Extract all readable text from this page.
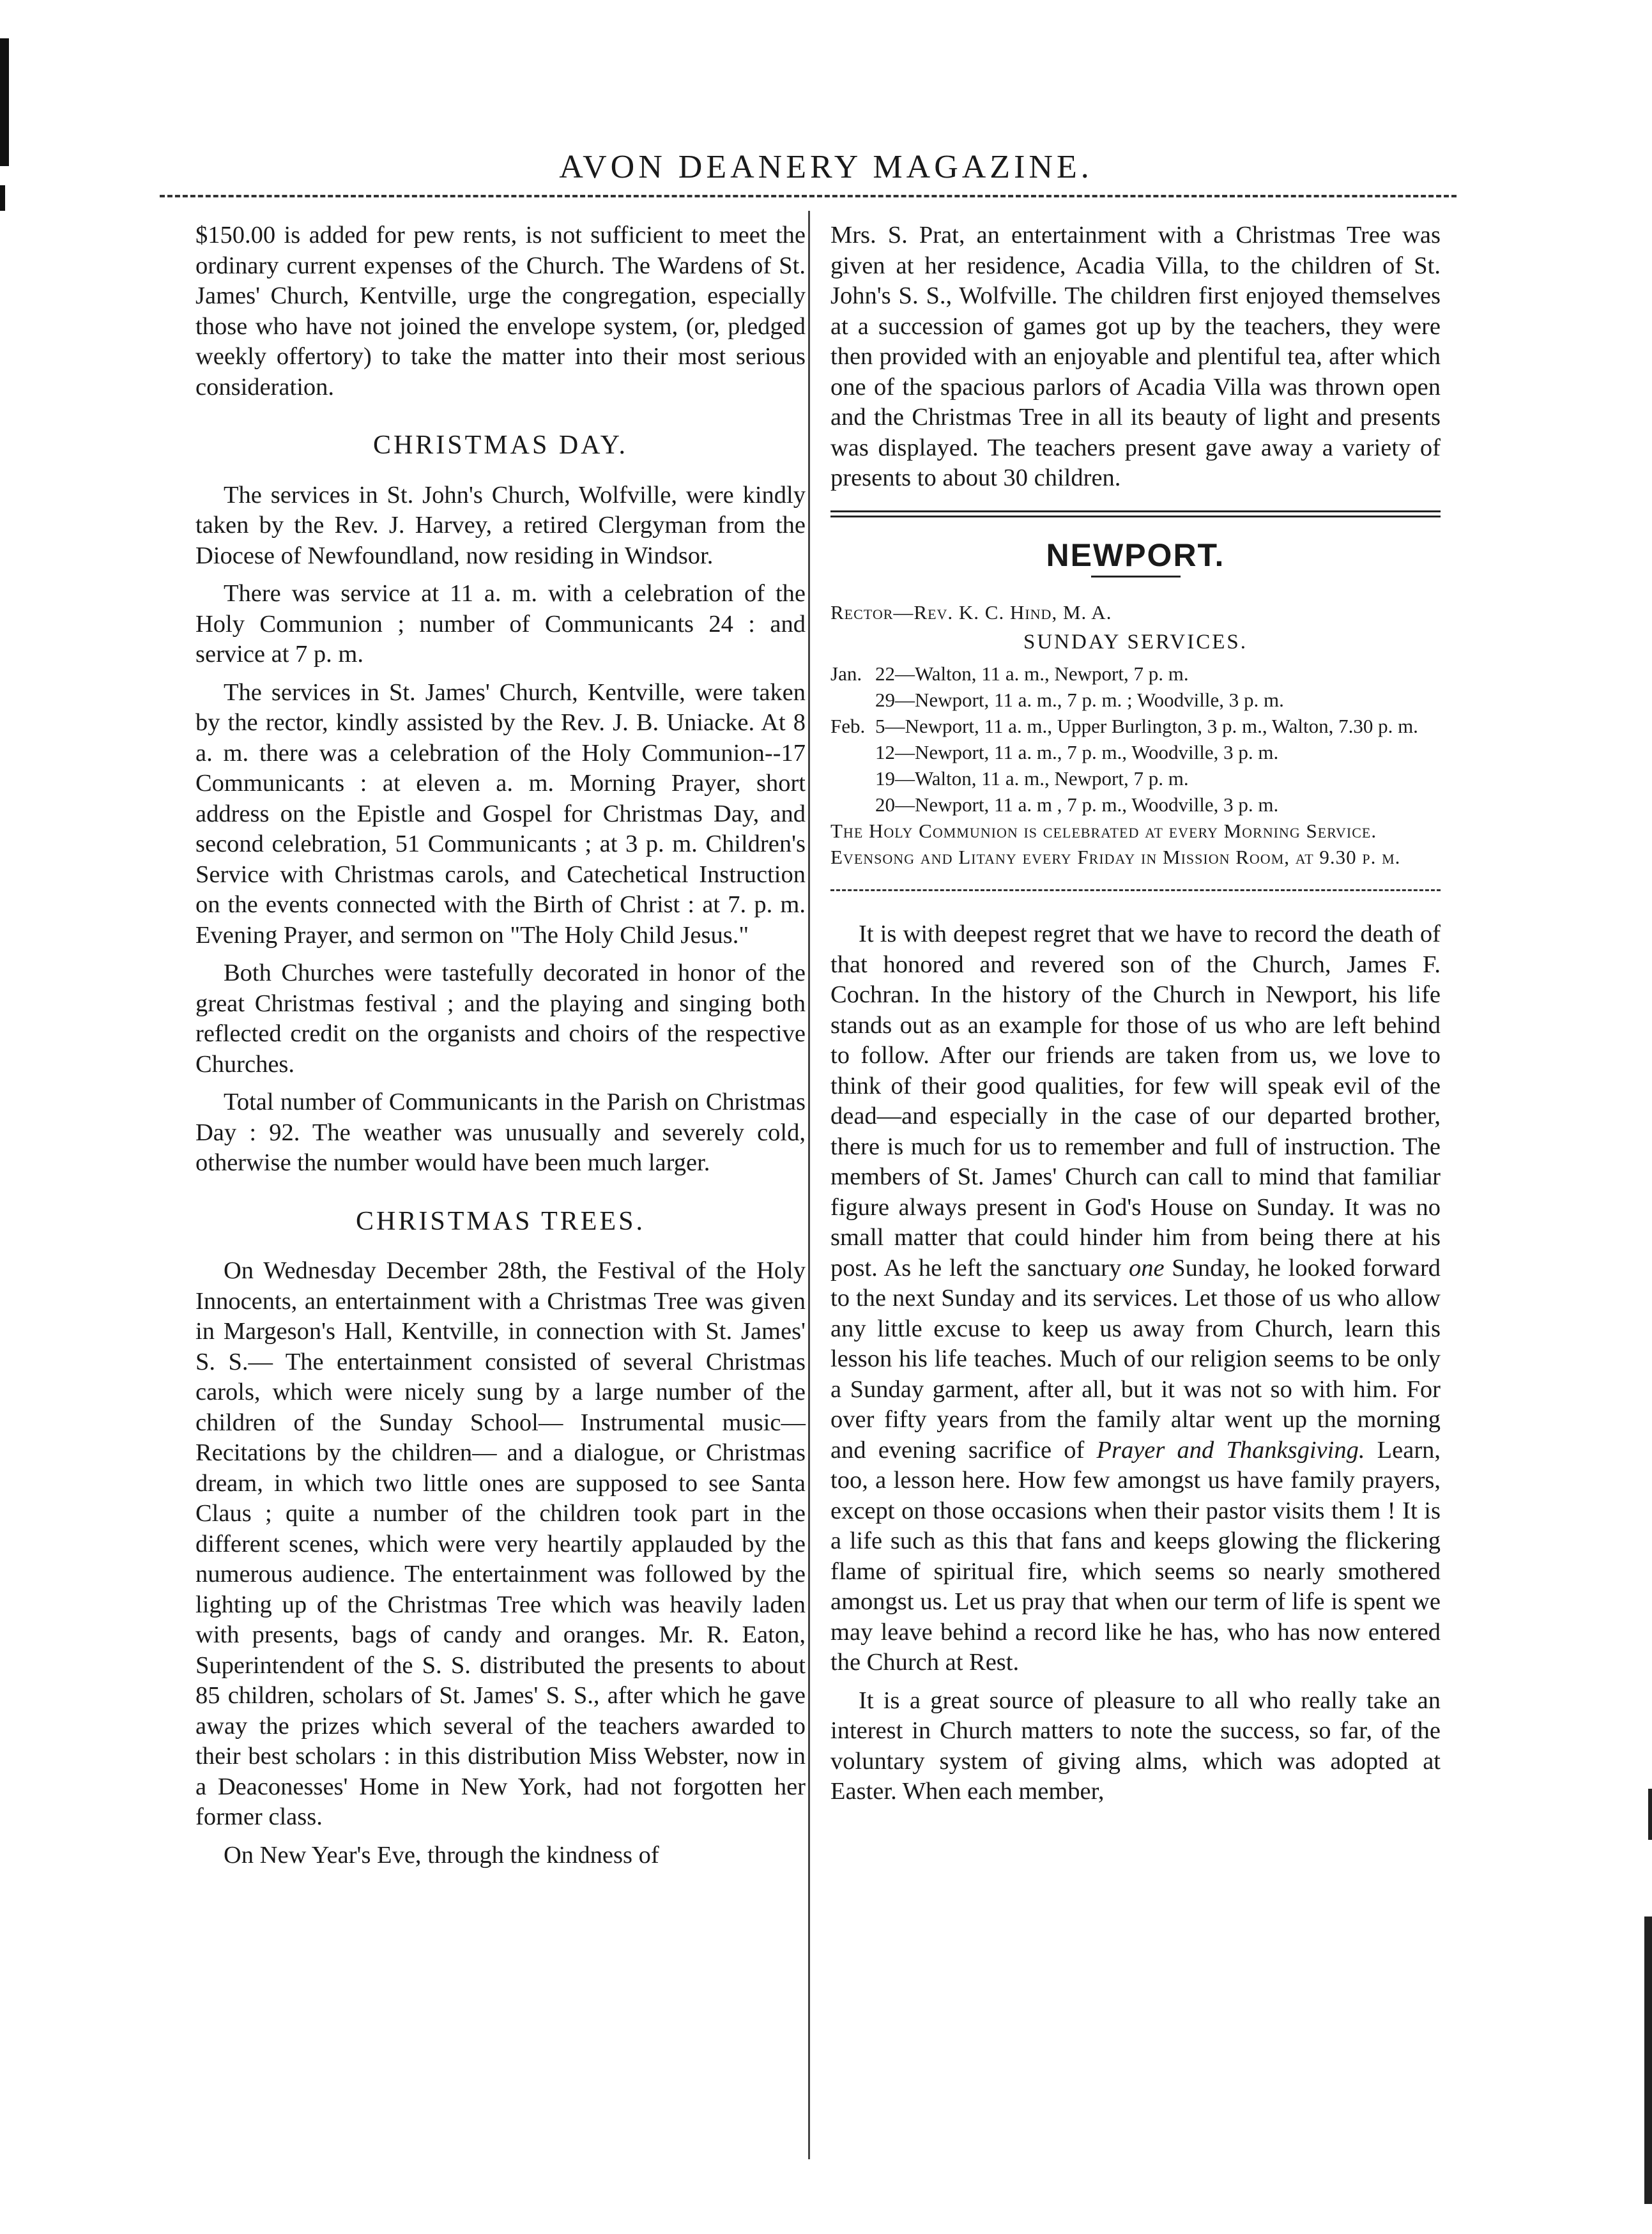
AVON DEANERY MAGAZINE.

$150.00 is added for pew rents, is not sufficient to meet the ordinary current expenses of the Church. The Wardens of St. James' Church, Kentville, urge the congregation, especially those who have not joined the envelope system, (or, pledged weekly offertory) to take the matter into their most serious consideration.

CHRISTMAS DAY.

The services in St. John's Church, Wolfville, were kindly taken by the Rev. J. Harvey, a retired Clergyman from the Diocese of Newfoundland, now residing in Windsor.

There was service at 11 a. m. with a celebration of the Holy Communion ; number of Communicants 24 : and service at 7 p. m.

The services in St. James' Church, Kentville, were taken by the rector, kindly assisted by the Rev. J. B. Uniacke. At 8 a. m. there was a celebration of the Holy Communion--17 Communicants : at eleven a. m. Morning Prayer, short address on the Epistle and Gospel for Christmas Day, and second celebration, 51 Communicants ; at 3 p. m. Children's Service with Christmas carols, and Catechetical Instruction on the events connected with the Birth of Christ : at 7. p. m. Evening Prayer, and sermon on "The Holy Child Jesus."

Both Churches were tastefully decorated in honor of the great Christmas festival ; and the playing and singing both reflected credit on the organists and choirs of the respective Churches.

Total number of Communicants in the Parish on Christmas Day : 92. The weather was unusually and severely cold, otherwise the number would have been much larger.

CHRISTMAS TREES.

On Wednesday December 28th, the Festival of the Holy Innocents, an entertainment with a Christmas Tree was given in Margeson's Hall, Kentville, in connection with St. James' S. S.— The entertainment consisted of several Christmas carols, which were nicely sung by a large number of the children of the Sunday School— Instrumental music—Recitations by the children— and a dialogue, or Christmas dream, in which two little ones are supposed to see Santa Claus ; quite a number of the children took part in the different scenes, which were very heartily applauded by the numerous audience. The entertainment was followed by the lighting up of the Christmas Tree which was heavily laden with presents, bags of candy and oranges. Mr. R. Eaton, Superintendent of the S. S. distributed the presents to about 85 children, scholars of St. James' S. S., after which he gave away the prizes which several of the teachers awarded to their best scholars : in this distribution Miss Webster, now in a Deaconesses' Home in New York, had not forgotten her former class.

On New Year's Eve, through the kindness of

Mrs. S. Prat, an entertainment with a Christmas Tree was given at her residence, Acadia Villa, to the children of St. John's S. S., Wolfville. The children first enjoyed themselves at a succession of games got up by the teachers, they were then provided with an enjoyable and plentiful tea, after which one of the spacious parlors of Acadia Villa was thrown open and the Christmas Tree in all its beauty of light and presents was displayed. The teachers present gave away a variety of presents to about 30 children.

NEWPORT.
Rector—Rev. K. C. Hind, M. A.
SUNDAY SERVICES.
Jan. 22—Walton, 11 a. m., Newport, 7 p. m.
29—Newport, 11 a. m., 7 p. m. ; Woodville, 3 p. m.
Feb. 5—Newport, 11 a. m., Upper Burlington, 3 p. m., Walton, 7.30 p. m.
12—Newport, 11 a. m., 7 p. m., Woodville, 3 p. m.
19—Walton, 11 a. m., Newport, 7 p. m.
20—Newport, 11 a. m , 7 p. m., Woodville, 3 p. m.
The Holy Communion is celebrated at every Morning Service.
Evensong and Litany every Friday in Mission Room, at 9.30 p. m.

It is with deepest regret that we have to record the death of that honored and revered son of the Church, James F. Cochran. In the history of the Church in Newport, his life stands out as an example for those of us who are left behind to follow. After our friends are taken from us, we love to think of their good qualities, for few will speak evil of the dead—and especially in the case of our departed brother, there is much for us to remember and full of instruction. The members of St. James' Church can call to mind that familiar figure always present in God's House on Sunday. It was no small matter that could hinder him from being there at his post. As he left the sanctuary one Sunday, he looked forward to the next Sunday and its services. Let those of us who allow any little excuse to keep us away from Church, learn this lesson his life teaches. Much of our religion seems to be only a Sunday garment, after all, but it was not so with him. For over fifty years from the family altar went up the morning and evening sacrifice of Prayer and Thanksgiving. Learn, too, a lesson here. How few amongst us have family prayers, except on those occasions when their pastor visits them ! It is a life such as this that fans and keeps glowing the flickering flame of spiritual fire, which seems so nearly smothered amongst us. Let us pray that when our term of life is spent we may leave behind a record like he has, who has now entered the Church at Rest.

It is a great source of pleasure to all who really take an interest in Church matters to note the success, so far, of the voluntary system of giving alms, which was adopted at Easter. When each member,
